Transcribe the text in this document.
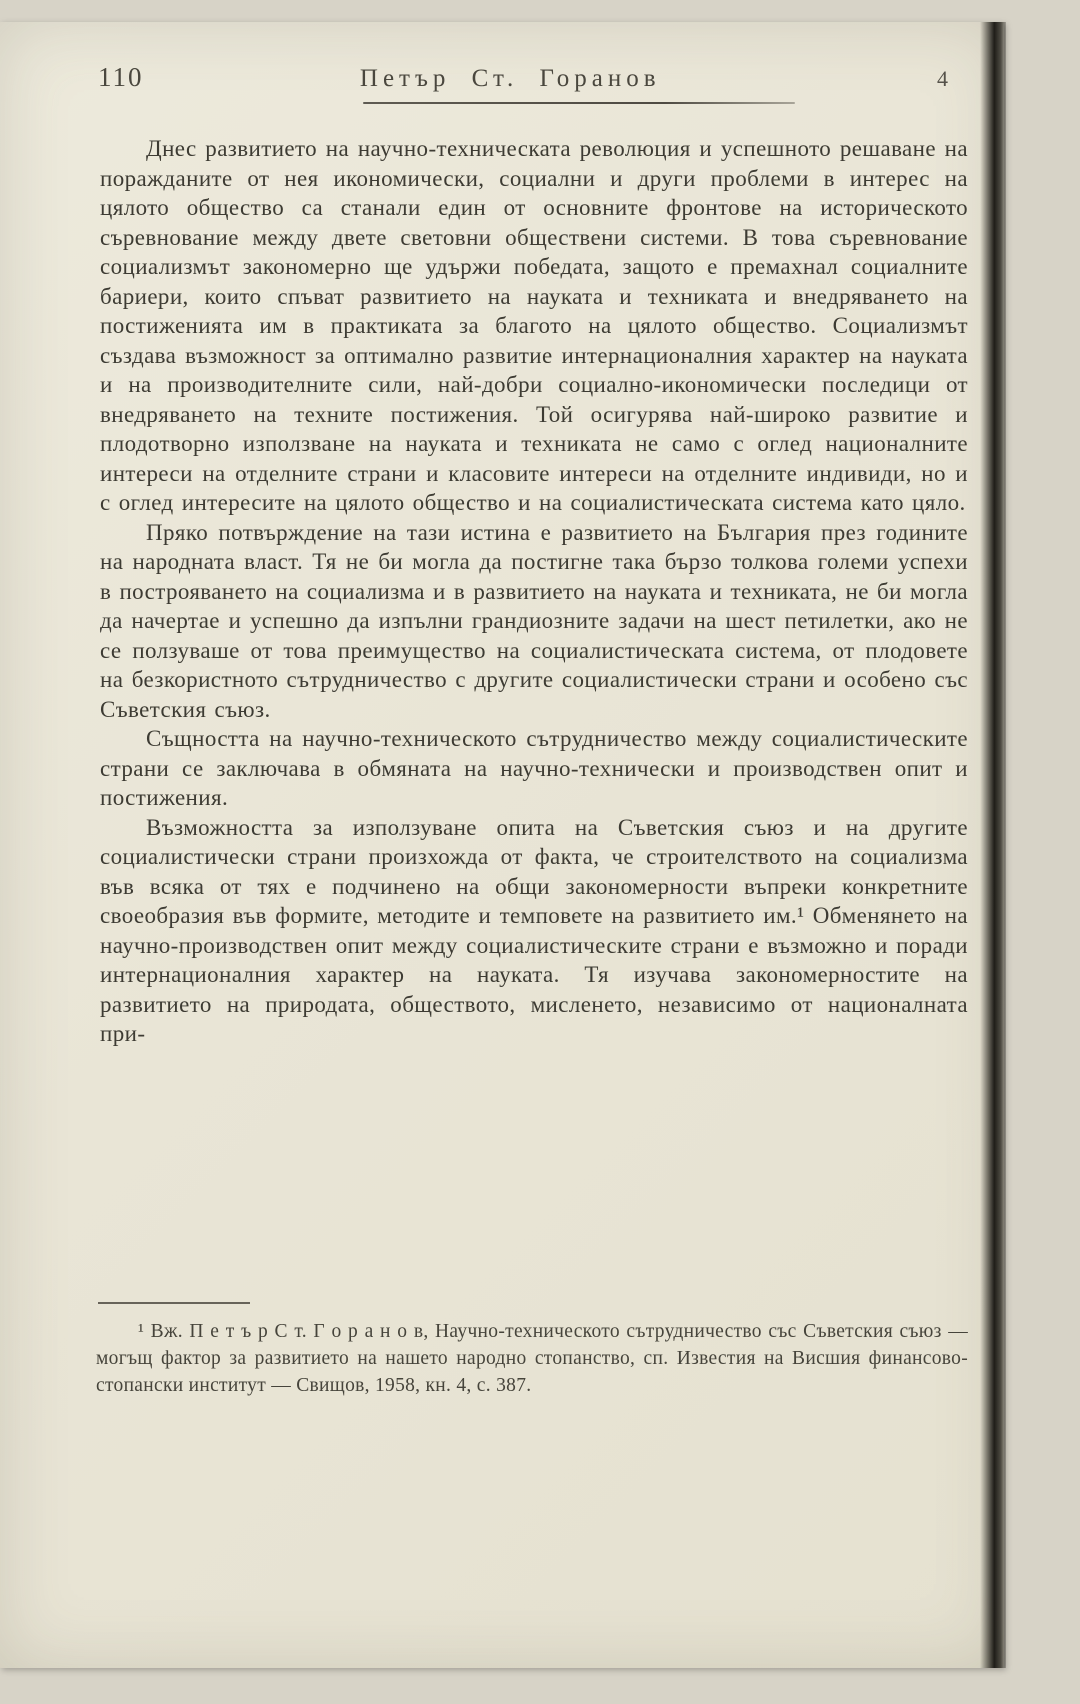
110	Петър Ст. Горанов	4

Днес развитието на научно-техническата революция и успешното решаване на поражданите от нея икономически, социални и други проблеми в интерес на цялото общество са станали един от основните фронтове на историческото съревнование между двете световни обществени системи. В това съревнование социализмът закономерно ще удържи победата, защото е премахнал социалните бариери, които спъват развитието на науката и техниката и внедряването на постиженията им в практиката за благото на цялото общество. Социализмът създава възможност за оптимално развитие интернационалния характер на науката и на производителните сили, най-добри социално-икономически последици от внедряването на техните постижения. Той осигурява най-широко развитие и плодотворно използване на науката и техниката не само с оглед националните интереси на отделните страни и класовите интереси на отделните индивиди, но и с оглед интересите на цялото общество и на социалистическата система като цяло.

Пряко потвърждение на тази истина е развитието на България през годините на народната власт. Тя не би могла да постигне така бързо толкова големи успехи в построяването на социализма и в развитието на науката и техниката, не би могла да начертае и успешно да изпълни грандиозните задачи на шест петилетки, ако не се ползуваше от това преимущество на социалистическата система, от плодовете на безкористното сътрудничество с другите социалистически страни и особено със Съветския съюз.

Същността на научно-техническото сътрудничество между социалистическите страни се заключава в обмяната на научно-технически и производствен опит и постижения.

Възможността за използуване опита на Съветския съюз и на другите социалистически страни произхожда от факта, че строителството на социализма във всяка от тях е подчинено на общи закономерности въпреки конкретните своеобразия във формите, методите и темповете на развитието им.¹ Обменянето на научно-производствен опит между социалистическите страни е възможно и поради интернационалния характер на науката. Тя изучава закономерностите на развитието на природата, обществото, мисленето, независимо от националната при-

¹ Вж. П е т ъ р С т. Г о р а н о в, Научно-техническото сътрудничество със Съветския съюз — могъщ фактор за развитието на нашето народно стопанство, сп. Известия на Висшия финансово-стопански институт — Свищов, 1958, кн. 4, с. 387.
